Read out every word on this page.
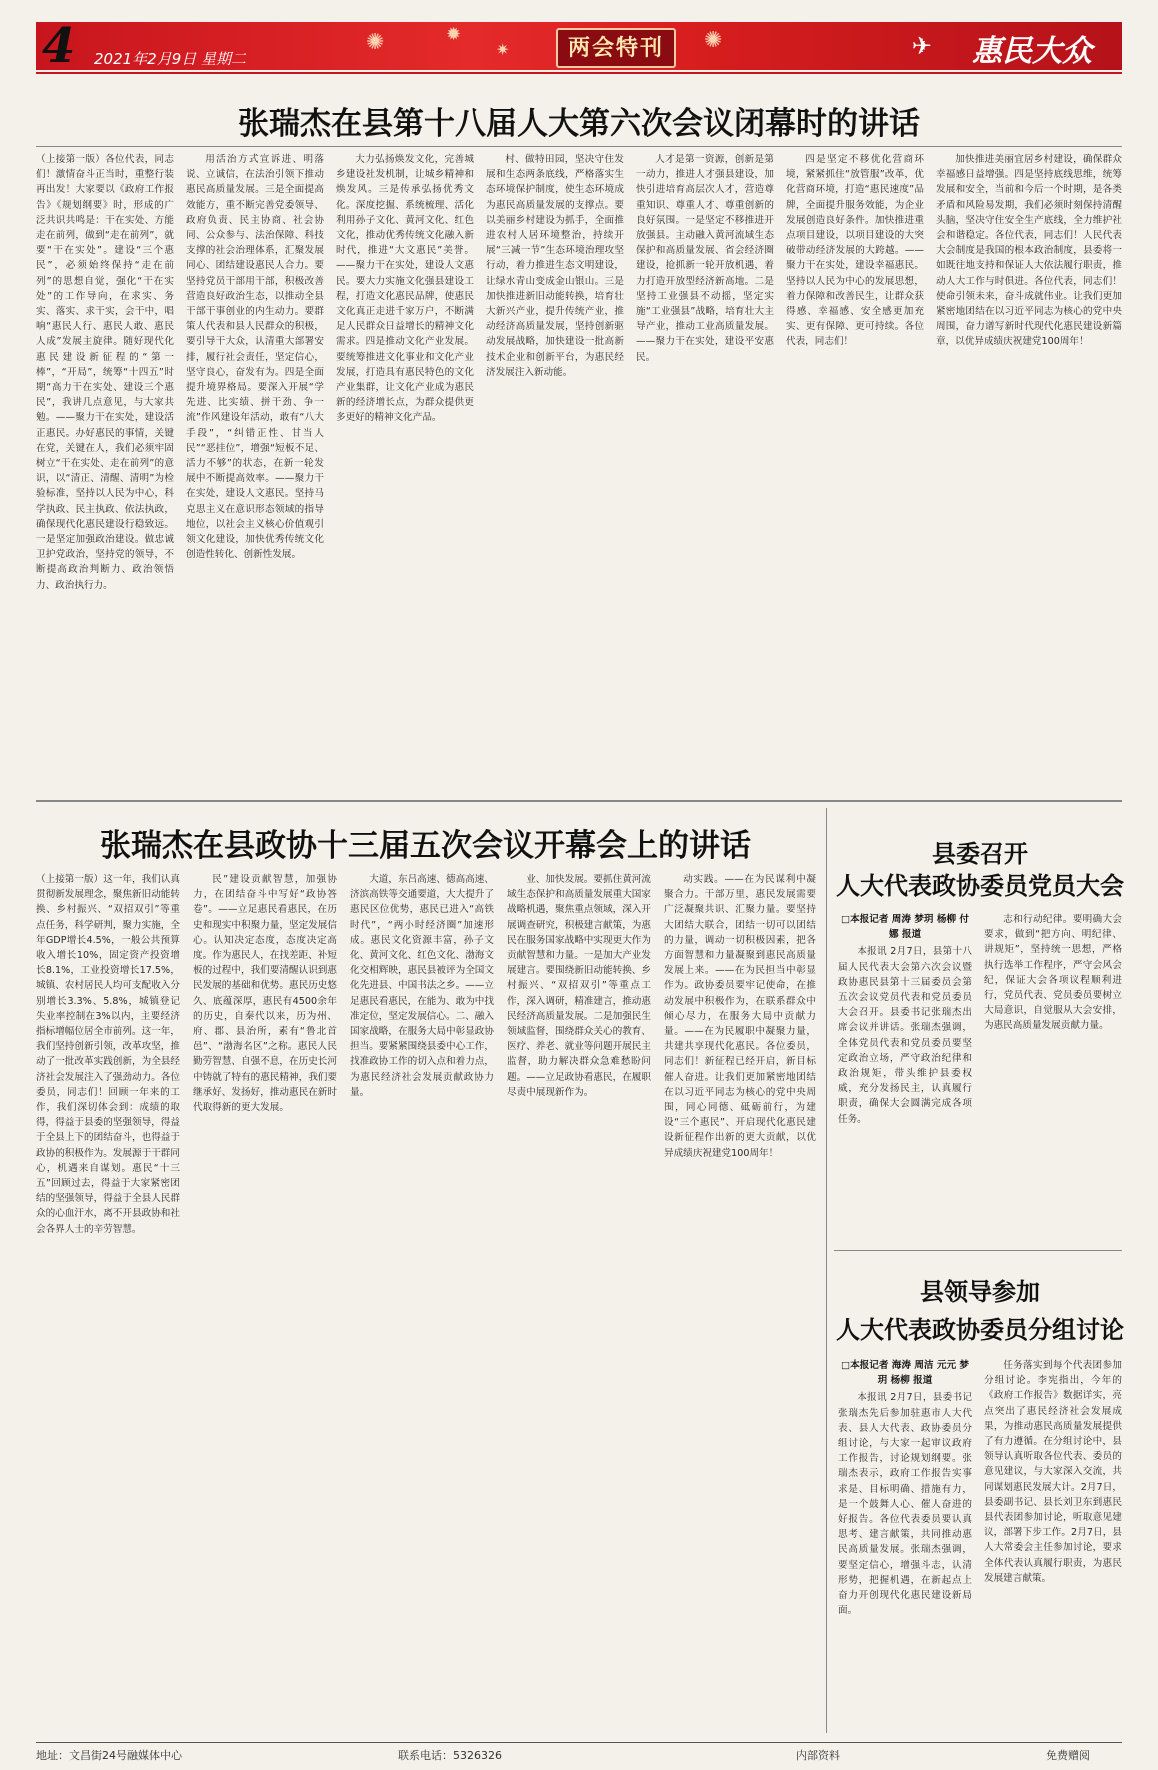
4 2021年2月9日 星期二
✺	✹
✷	两会特刊	✺	✈ 惠民大众
张瑞杰在县第十八届人大第六次会议闭幕时的讲话

（上接第一版）各位代表，同志们！激情奋斗正当时，重整行装再出发！大家要以《政府工作报告》《规划纲要》时，形成的广泛共识共鸣是：干在实处、方能走在前列，做到“走在前列”，就要“干在实处”。建设“三个惠民”，必须始终保持“走在前列”的思想自觉，强化“干在实处”的工作导向，在求实、务实、落实、求干实，会干中，唱响“惠民人行、惠民人敢、惠民人成”发展主旋律。随好现代化惠民建设新征程的“第一棒”，“开局”，统筹“十四五”时期“高力干在实处、建设三个惠民”，我讲几点意见，与大家共勉。——聚力干在实处，建设活正惠民。办好惠民的事情，关键在党，关键在人，我们必须牢固树立“干在实处、走在前列”的意识，以“清正、清醒、清明”为检验标准，坚持以人民为中心，科学执政、民主执政、依法执政，确保现代化惠民建设行稳致远。一是坚定加强政治建设。做忠诚卫护党政治，坚持党的领导，不断提高政治判断力、政治领悟力、政治执行力。

用活治方式宣诉进、明落说、立诚信，在法治引领下推动惠民高质量发展。三是全面提高效能方，重不断完善党委领导、政府负责、民主协商、社会协同、公众参与、法治保障、科技支撑的社会治理体系，汇聚发展同心、团结建设惠民人合力。要坚持党员干部用干部，积极改善营造良好政治生态，以推动全县干部干事创业的内生动力。要群策人代表和县人民群众的积极，要引导干大众，认清重大部署安排，履行社会责任，坚定信心，坚守良心，奋发有为。四是全面提升境界格局。要深入开展“学先进、比实绩、拼干劲、争一流”作风建设年活动，敢有“八大手段”，“纠错正性、甘当人民”“恶挂位”，增强“短板不足、活力不够”的状态，在新一轮发展中不断提高效率。——聚力干在实处，建设人文惠民。坚持马克思主义在意识形态领域的指导地位，以社会主义核心价值观引领文化建设，加快优秀传统文化创造性转化、创新性发展。

大力弘扬焕发文化，完善城乡建设社发机制，让城乡精神和焕发风。三是传承弘扬优秀文化。深度挖掘、系统梳理、活化利用孙子文化、黄河文化、红色文化，推动优秀传统文化融入新时代，推进“大文惠民”美誉。——聚力干在实处，建设人文惠民。要大力实施文化强县建设工程，打造文化惠民品牌，使惠民文化真正走进千家万户，不断满足人民群众日益增长的精神文化需求。四是推动文化产业发展。要统筹推进文化事业和文化产业发展，打造具有惠民特色的文化产业集群，让文化产业成为惠民新的经济增长点，为群众提供更多更好的精神文化产品。

村、做特田园，坚决守住发展和生态两条底线，严格落实生态环境保护制度，使生态环境成为惠民高质量发展的支撑点。要以美丽乡村建设为抓手，全面推进农村人居环境整治，持续开展“三减一节”生态环境治理攻坚行动，着力推进生态文明建设，让绿水青山变成金山银山。三是加快推进新旧动能转换，培育壮大新兴产业，提升传统产业，推动经济高质量发展，坚持创新驱动发展战略，加快建设一批高新技术企业和创新平台，为惠民经济发展注入新动能。

人才是第一资源，创新是第一动力，推进人才强县建设，加快引进培育高层次人才，营造尊重知识、尊重人才、尊重创新的良好氛围。一是坚定不移推进开放强县。主动融入黄河流域生态保护和高质量发展、省会经济圈建设，抢抓新一轮开放机遇，着力打造开放型经济新高地。二是坚持工业强县不动摇，坚定实施“工业强县”战略，培育壮大主导产业，推动工业高质量发展。——聚力干在实处，建设平安惠民。

四是坚定不移优化营商环境，紧紧抓住“放管服”改革，优化营商环境，打造“惠民速度”品牌，全面提升服务效能，为企业发展创造良好条件。加快推进重点项目建设，以项目建设的大突破带动经济发展的大跨越。——聚力干在实处，建设幸福惠民。坚持以人民为中心的发展思想，着力保障和改善民生，让群众获得感、幸福感、安全感更加充实、更有保障、更可持续。各位代表，同志们！

加快推进美丽宜居乡村建设，确保群众幸福感日益增强。四是坚持底线思维，统筹发展和安全，当前和今后一个时期，是各类矛盾和风险易发期，我们必须时刻保持清醒头脑，坚决守住安全生产底线，全力维护社会和谐稳定。各位代表，同志们！人民代表大会制度是我国的根本政治制度，县委将一如既往地支持和保证人大依法履行职责，推动人大工作与时俱进。各位代表，同志们！使命引领未来，奋斗成就伟业。让我们更加紧密地团结在以习近平同志为核心的党中央周围，奋力谱写新时代现代化惠民建设新篇章，以优异成绩庆祝建党100周年！

张瑞杰在县政协十三届五次会议开幕会上的讲话

（上接第一版）这一年，我们认真贯彻新发展理念，聚焦新旧动能转换、乡村振兴、“双招双引”等重点任务，科学研判，聚力实施，全年GDP增长4.5%，一般公共预算收入增长10%，固定资产投资增长8.1%，工业投资增长17.5%，城镇、农村居民人均可支配收入分别增长3.3%、5.8%，城镇登记失业率控制在3%以内，主要经济指标增幅位居全市前列。这一年，我们坚持创新引领，改革攻坚，推动了一批改革实践创新，为全县经济社会发展注入了强劲动力。各位委员，同志们！回顾一年来的工作，我们深切体会到：成绩的取得，得益于县委的坚强领导，得益于全县上下的团结奋斗，也得益于政协的积极作为。发展源于干群同心，机遇来自谋划。惠民“十三五”回顾过去，得益于大家紧密团结的坚强领导，得益于全县人民群众的心血汗水，离不开县政协和社会各界人士的辛劳智慧。

民”建设贡献智慧，加强协力，在团结奋斗中写好“政协答卷”。——立足惠民看惠民，在历史和现实中积聚力量，坚定发展信心。认知决定态度，态度决定高度。作为惠民人，在找差距、补短板的过程中，我们要清醒认识到惠民发展的基础和优势。惠民历史悠久、底蕴深厚，惠民有4500余年的历史，自秦代以来，历为州、府、郡、县治所，素有“鲁北首邑”、“渤海名区”之称。惠民人民勤劳智慧、自强不息，在历史长河中铸就了特有的惠民精神，我们要继承好、发扬好，推动惠民在新时代取得新的更大发展。

大道，东吕高速、德高高速、济滨高铁等交通要道，大大提升了惠民区位优势，惠民已进入“高铁时代”，“两小时经济圈”加速形成。惠民文化资源丰富，孙子文化、黄河文化、红色文化、渤海文化交相辉映，惠民县被评为全国文化先进县、中国书法之乡。——立足惠民看惠民，在能为、敢为中找准定位，坚定发展信心。二、融入国家战略，在服务大局中彰显政协担当。要紧紧围绕县委中心工作，找准政协工作的切入点和着力点，为惠民经济社会发展贡献政协力量。

业、加快发展。要抓住黄河流域生态保护和高质量发展重大国家战略机遇，聚焦重点领域，深入开展调查研究，积极建言献策，为惠民在服务国家战略中实现更大作为贡献智慧和力量。一是加大产业发展建言。要围绕新旧动能转换、乡村振兴、“双招双引”等重点工作，深入调研，精准建言，推动惠民经济高质量发展。二是加强民生领域监督，围绕群众关心的教育、医疗、养老、就业等问题开展民主监督，助力解决群众急难愁盼问题。——立足政协看惠民，在履职尽责中展现新作为。

动实践。——在为民谋利中凝聚合力。干部万里，惠民发展需要广泛凝聚共识、汇聚力量。要坚持大团结大联合，团结一切可以团结的力量，调动一切积极因素，把各方面智慧和力量凝聚到惠民高质量发展上来。——在为民担当中彰显作为。政协委员要牢记使命，在推动发展中积极作为，在联系群众中倾心尽力，在服务大局中贡献力量。——在为民履职中凝聚力量，共建共享现代化惠民。各位委员，同志们！新征程已经开启，新目标催人奋进。让我们更加紧密地团结在以习近平同志为核心的党中央周围，同心同德、砥砺前行，为建设“三个惠民”、开启现代化惠民建设新征程作出新的更大贡献，以优异成绩庆祝建党100周年！

县委召开
人大代表政协委员党员大会

□本报记者 周涛 梦玥 杨柳 付娜 报道

本报讯 2月7日，县第十八届人民代表大会第六次会议暨政协惠民县第十三届委员会第五次会议党员代表和党员委员大会召开。县委书记张瑞杰出席会议并讲话。张瑞杰强调，全体党员代表和党员委员要坚定政治立场，严守政治纪律和政治规矩，带头维护县委权威，充分发扬民主，认真履行职责，确保大会圆满完成各项任务。

志和行动纪律。要明确大会要求，做到“把方向、明纪律、讲规矩”，坚持统一思想，严格执行选举工作程序，严守会风会纪，保证大会各项议程顺利进行，党员代表、党员委员要树立大局意识，自觉服从大会安排，为惠民高质量发展贡献力量。

县领导参加
人大代表政协委员分组讨论

□本报记者 海涛 周洁 元元 梦玥 杨柳 报道

本报讯 2月7日，县委书记张瑞杰先后参加驻惠市人大代表、县人大代表、政协委员分组讨论，与大家一起审议政府工作报告，讨论规划纲要。张瑞杰表示，政府工作报告实事求是、目标明确、措施有力，是一个鼓舞人心、催人奋进的好报告。各位代表委员要认真思考、建言献策，共同推动惠民高质量发展。张瑞杰强调，要坚定信心，增强斗志，认清形势，把握机遇，在新起点上奋力开创现代化惠民建设新局面。

任务落实到每个代表团参加分组讨论。李宪指出，今年的《政府工作报告》数据详实，亮点突出了惠民经济社会发展成果，为推动惠民高质量发展提供了有力遵循。在分组讨论中，县领导认真听取各位代表、委员的意见建议，与大家深入交流，共同谋划惠民发展大计。2月7日，县委副书记、县长刘卫东到惠民县代表团参加讨论，听取意见建议，部署下步工作。2月7日，县人大常委会主任参加讨论，要求全体代表认真履行职责，为惠民发展建言献策。

地址：文昌街24号融媒体中心	联系电话：5326326	内部资料	免费赠阅
